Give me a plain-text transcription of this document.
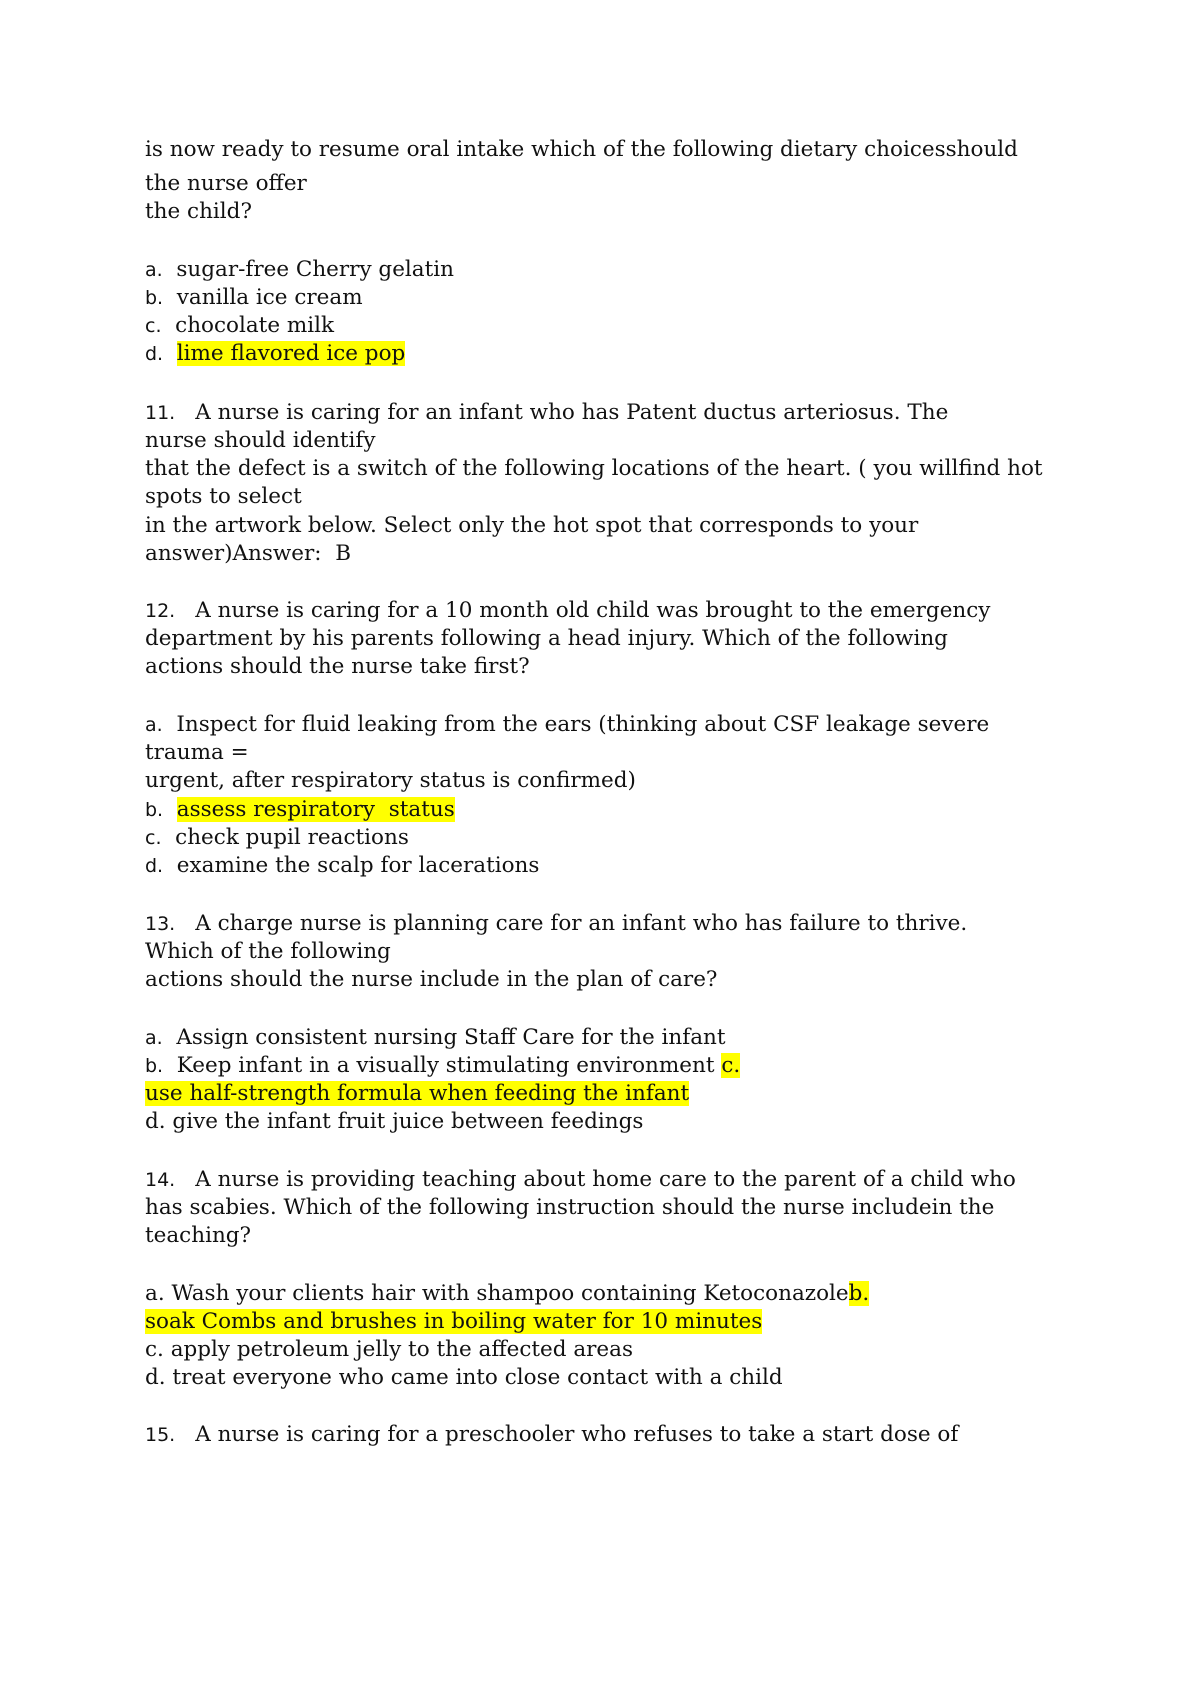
is now ready to resume oral intake which of the following dietary choicesshould
the nurse offer
the child?
a. sugar-free Cherry gelatin
b. vanilla ice cream
c. chocolate milk
d. lime flavored ice pop
11. A nurse is caring for an infant who has Patent ductus arteriosus. The
nurse should identify
that the defect is a switch of the following locations of the heart. ( you willfind hot
spots to select
in the artwork below. Select only the hot spot that corresponds to your
answer)Answer:  B
12. A nurse is caring for a 10 month old child was brought to the emergency
department by his parents following a head injury. Which of the following
actions should the nurse take first?
a. Inspect for fluid leaking from the ears (thinking about CSF leakage severe
trauma =
urgent, after respiratory status is confirmed)
b. assess respiratory  status
c. check pupil reactions
d. examine the scalp for lacerations
13. A charge nurse is planning care for an infant who has failure to thrive.
Which of the following
actions should the nurse include in the plan of care?
a. Assign consistent nursing Staff Care for the infant
b. Keep infant in a visually stimulating environment c.
use half-strength formula when feeding the infant
d. give the infant fruit juice between feedings
14. A nurse is providing teaching about home care to the parent of a child who
has scabies. Which of the following instruction should the nurse includein the
teaching?
a. Wash your clients hair with shampoo containing Ketoconazoleb.
soak Combs and brushes in boiling water for 10 minutes
c. apply petroleum jelly to the affected areas
d. treat everyone who came into close contact with a child
15. A nurse is caring for a preschooler who refuses to take a start dose of
